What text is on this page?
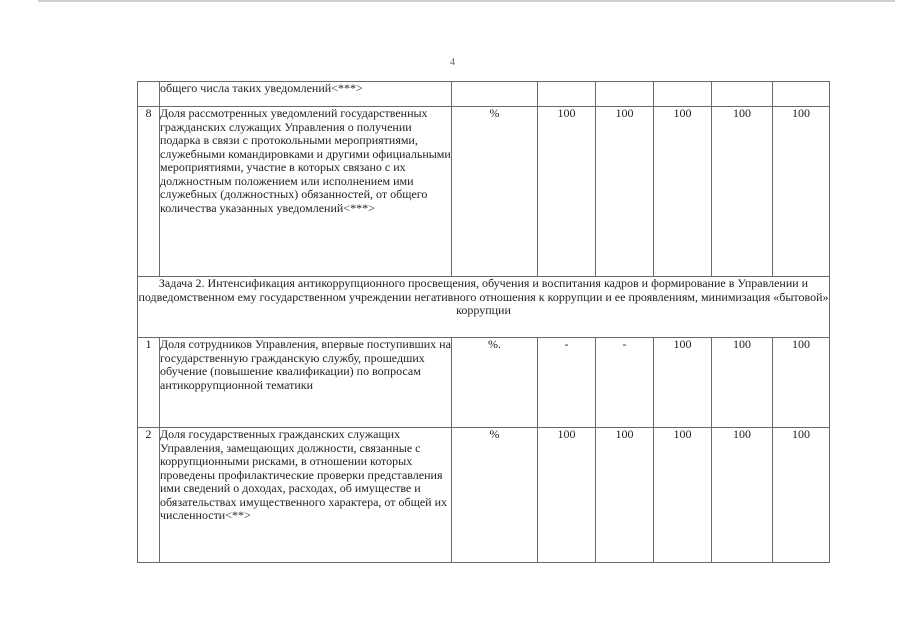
4
	общего числа таких уведомлений<***>						
8	Доля рассмотренных уведомлений государственных гражданских служащих Управления о получении подарка в связи с протокольными мероприятиями, служебными командировками и другими официальными мероприятиями, участие в которых связано с их должностным положением или исполнением ими служебных (должностных) обязанностей, от общего количества указанных уведомлений<***>	%	100	100	100	100	100
Задача 2. Интенсификация антикоррупционного просвещения, обучения и воспитания кадров и формирование в Управлении и подведомственном ему государственном учреждении негативного отношения к коррупции и ее проявлениям, минимизация «бытовой» коррупции							
1	Доля сотрудников Управления, впервые поступивших на государственную гражданскую службу, прошедших обучение (повышение квалификации) по вопросам антикоррупционной тематики	%.	-	-	100	100	100
2	Доля государственных гражданских служащих Управления, замещающих должности, связанные с коррупционными рисками, в отношении которых проведены профилактические проверки представления ими сведений о доходах, расходах, об имуществе и обязательствах имущественного характера, от общей их численности<**>	%	100	100	100	100	100
